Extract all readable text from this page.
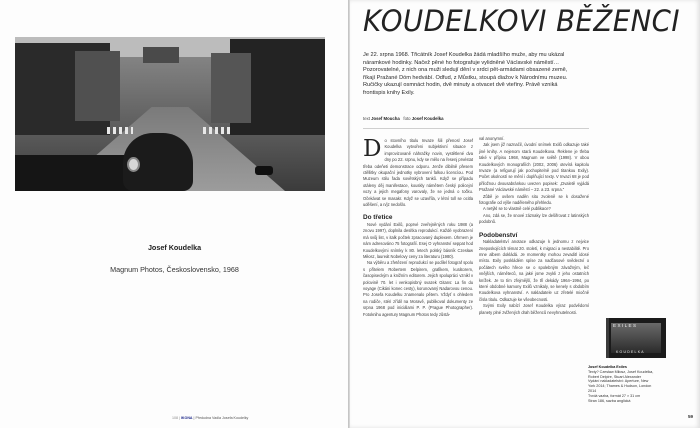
Josef Koudelka
Magnum Photos, Československo, 1968
108 | IKONA | Předudna Vadla Josefa Koudelky
KOUDELKOVI BĚŽENCI
Je 22. srpna 1968. Třicátník Josef Koudelka žádá mladšího muže, aby mu ukázal náramkové hodinky. Načež pěné ho fotografuje vylidněné Václavské náměstí… Pozorovatelné, z nich ona muži sledují dění v srdci pět-armádami obsazené země, říkají Pražané Dóm hedvábí. Odfud, z Můstku, stoupá diažov k Národnímu muzeu. Ručičky ukazují osmnáct hodin, dvě minuty a otvacet dvě vteřiny. Právě vzniká frontispis knihy Exily.
text Josef Moucha foto Josef Koudelka

Do stovního titulu Invaze šili přenosl Josef Koudelka vytvořeni subjektivní situace z improvizovaně náhražky novin, vystětlené dva dny po 22. srpnu, kdy se mělo na řesenj prvéstat třeba odeňeti demonstrace odporu. Jenže dibilně přesem ctěllitky okupační jednotky vybrovení falkou licencíou. Pod Muzeum stilu řada sovětských tanků. Když se případu otáleny děj manifestace, kouskly námětem český policejní vozy a jejich megafony varovaly, že se jedná o točku. Očekávat se masakr. Když se uzavříla, v létní toll se ocitla uděšení, a n/jz nedošlo.

Do třetice

Nové vydání Exilů, poprvé zveřejněných roku 1988 (a znovu 1997), doplnila desítka reprodukcí. Každé vyobrazení má svůj list, v italk počtek zpracovaný duplexem. Úhrnem je nám adresováno 75 fotografií. Esej O vyhranství seppat hod Koudelkovými snímky k 80. letech polský básník Czesław Miłosz, laureát Nobelovy ceny za literaturu (1980).

Na výběru a zřetězení reprodukcí se podílel fotograf spolu s přítelem Robertem Delpirem, grafikem, kurátorem, časopiseckým a knižním editorem. Jejich spolupráci vznikl v polovině 70. let i venkopisbný svazek Gitans: La fin du voyage (Cikáni konec cesty), korunovaný Nadarovou cenou. Pro Josefa Koudelku znamenalo pětem. Vždyť s ohledem na rodiče, stéri zřídil na Moravě, publikoval dokumenty ze srpna 1968 pod iniciálami P. P. (Prague Photographer). Fotoknihu agentury Magnum Photos tedy zůstá-

val anonymní.

Jak jsem již naznačil, úvodní snímek Exilů odkazuje také jiné knihy. A nejenom stará Koudelkova. Řeklene je třeba také v přípisu 1968, Magnum ve světě (1998). V obou Koudelkových monografiích (2002, 2006) otevírá kapitolu Invaze (a refigurují jak pochopitelně pod titankou Exily). Počet okolností se mění i doplňující texty. V Invazi 68 je pod přiložnou dvousabránkou uvezen popisek: „Dvaletě vyjádá Pražané Václavské náměstí – 22. a 23. srpna.“

Zůbě je ovšem naděn situ zvoleně se k dosažené fotografie od výše naděleného přehledu.

A netýkl se to vlastně celé publikace?

Ano, zdá se, že snové záznaky lze dešifrovat z latinských podobnů.

Podobenství

Nakladatelství anotace odkazuje k jednomu z nejvice zneposkojících témat 20. století, k migraci a nestabilitě. Pro mne albem dokládá. Je momentky mohou zevaditl idosé místo. Exily poskládém spíse za nadčasové svědectví o počátech svého hřece se o spolebným závažným, leč vnějších, nárněteců, na jaké jsme zvykli z jeho ostatních knížek. Je to tím zřejmější, že tři dekády 1964–1994, po které obdobné kamony Exilů vznikaly, se kenely s obdobím Koudelkova vyhnanství. A nakladatele uz zřetelé miočně čísla titulu. Odkazuje ke všeobecnosti.

Svými Exily nabízí Josef Koudelka výraz podvědomí planety plné zvlžených drah běženců nevyhnutelnosti.

EXILES
KOUDELKA
Josef Koudelka Exiles
Texty? Czesław Miłosz, Josef Koudelka,
Robert Delpire, Stuart Alexander
Vydání nakladatelství: Aperture, New
York 2014; Thames & Hudson, London
2014
Tvrdá vazba, formát 27 × 31 cm
Stran 186, sazba anglická
59
